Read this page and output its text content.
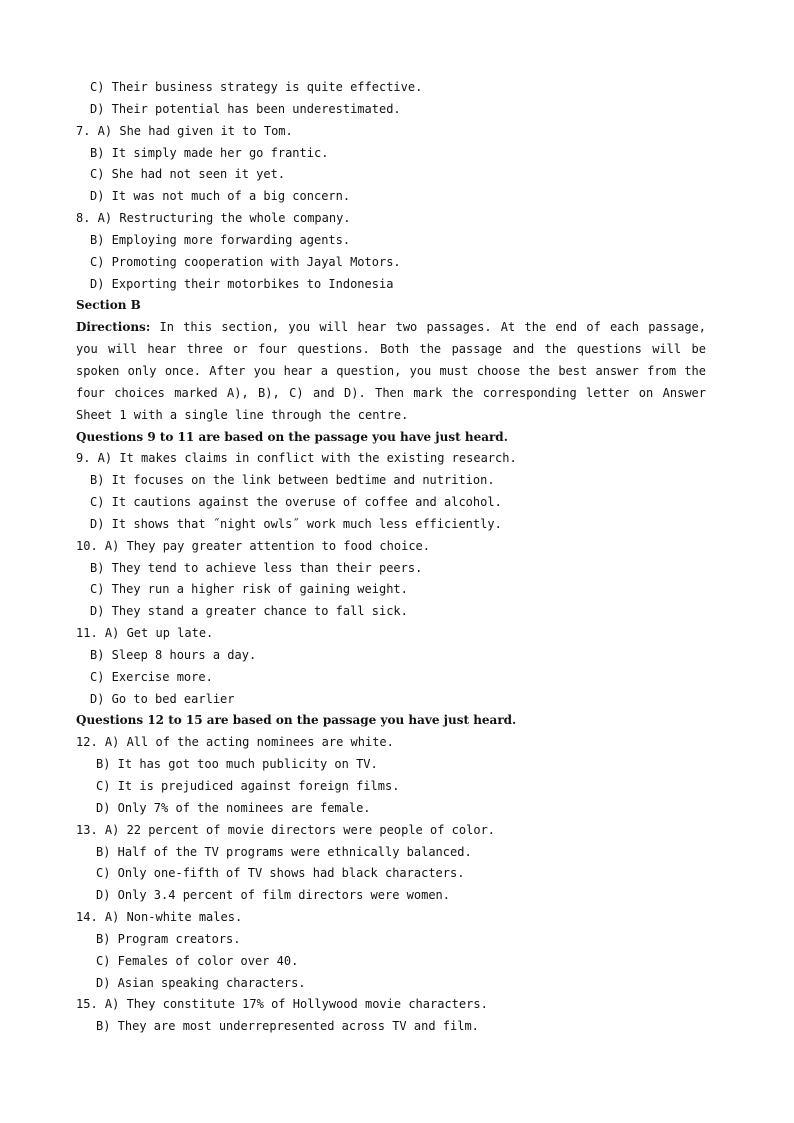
C) Their business strategy is quite effective.
D) Their potential has been underestimated.
7. A) She had given it to Tom.
B) It simply made her go frantic.
C) She had not seen it yet.
D) It was not much of a big concern.
8. A) Restructuring the whole company.
B) Employing more forwarding agents.
C) Promoting cooperation with Jayal Motors.
D) Exporting their motorbikes to Indonesia
Section B
Directions: In this section, you will hear two passages. At the end of each passage, you will hear three or four questions. Both the passage and the questions will be spoken only once. After you hear a question, you must choose the best answer from the four choices marked A), B), C) and D). Then mark the corresponding letter on Answer Sheet 1 with a single line through the centre.
Questions 9 to 11 are based on the passage you have just heard.
9. A) It makes claims in conflict with the existing research.
B) It focuses on the link between bedtime and nutrition.
C) It cautions against the overuse of coffee and alcohol.
D) It shows that ˝night owls˝ work much less efficiently.
10. A) They pay greater attention to food choice.
B) They tend to achieve less than their peers.
C) They run a higher risk of gaining weight.
D) They stand a greater chance to fall sick.
11. A) Get up late.
B) Sleep 8 hours a day.
C) Exercise more.
D) Go to bed earlier
Questions 12 to 15 are based on the passage you have just heard.
12. A) All of the acting nominees are white.
B) It has got too much publicity on TV.
C) It is prejudiced against foreign films.
D) Only 7% of the nominees are female.
13. A) 22 percent of movie directors were people of color.
B) Half of the TV programs were ethnically balanced.
C) Only one-fifth of TV shows had black characters.
D) Only 3.4 percent of film directors were women.
14. A) Non-white males.
B) Program creators.
C) Females of color over 40.
D) Asian speaking characters.
15. A) They constitute 17% of Hollywood movie characters.
B) They are most underrepresented across TV and film.
